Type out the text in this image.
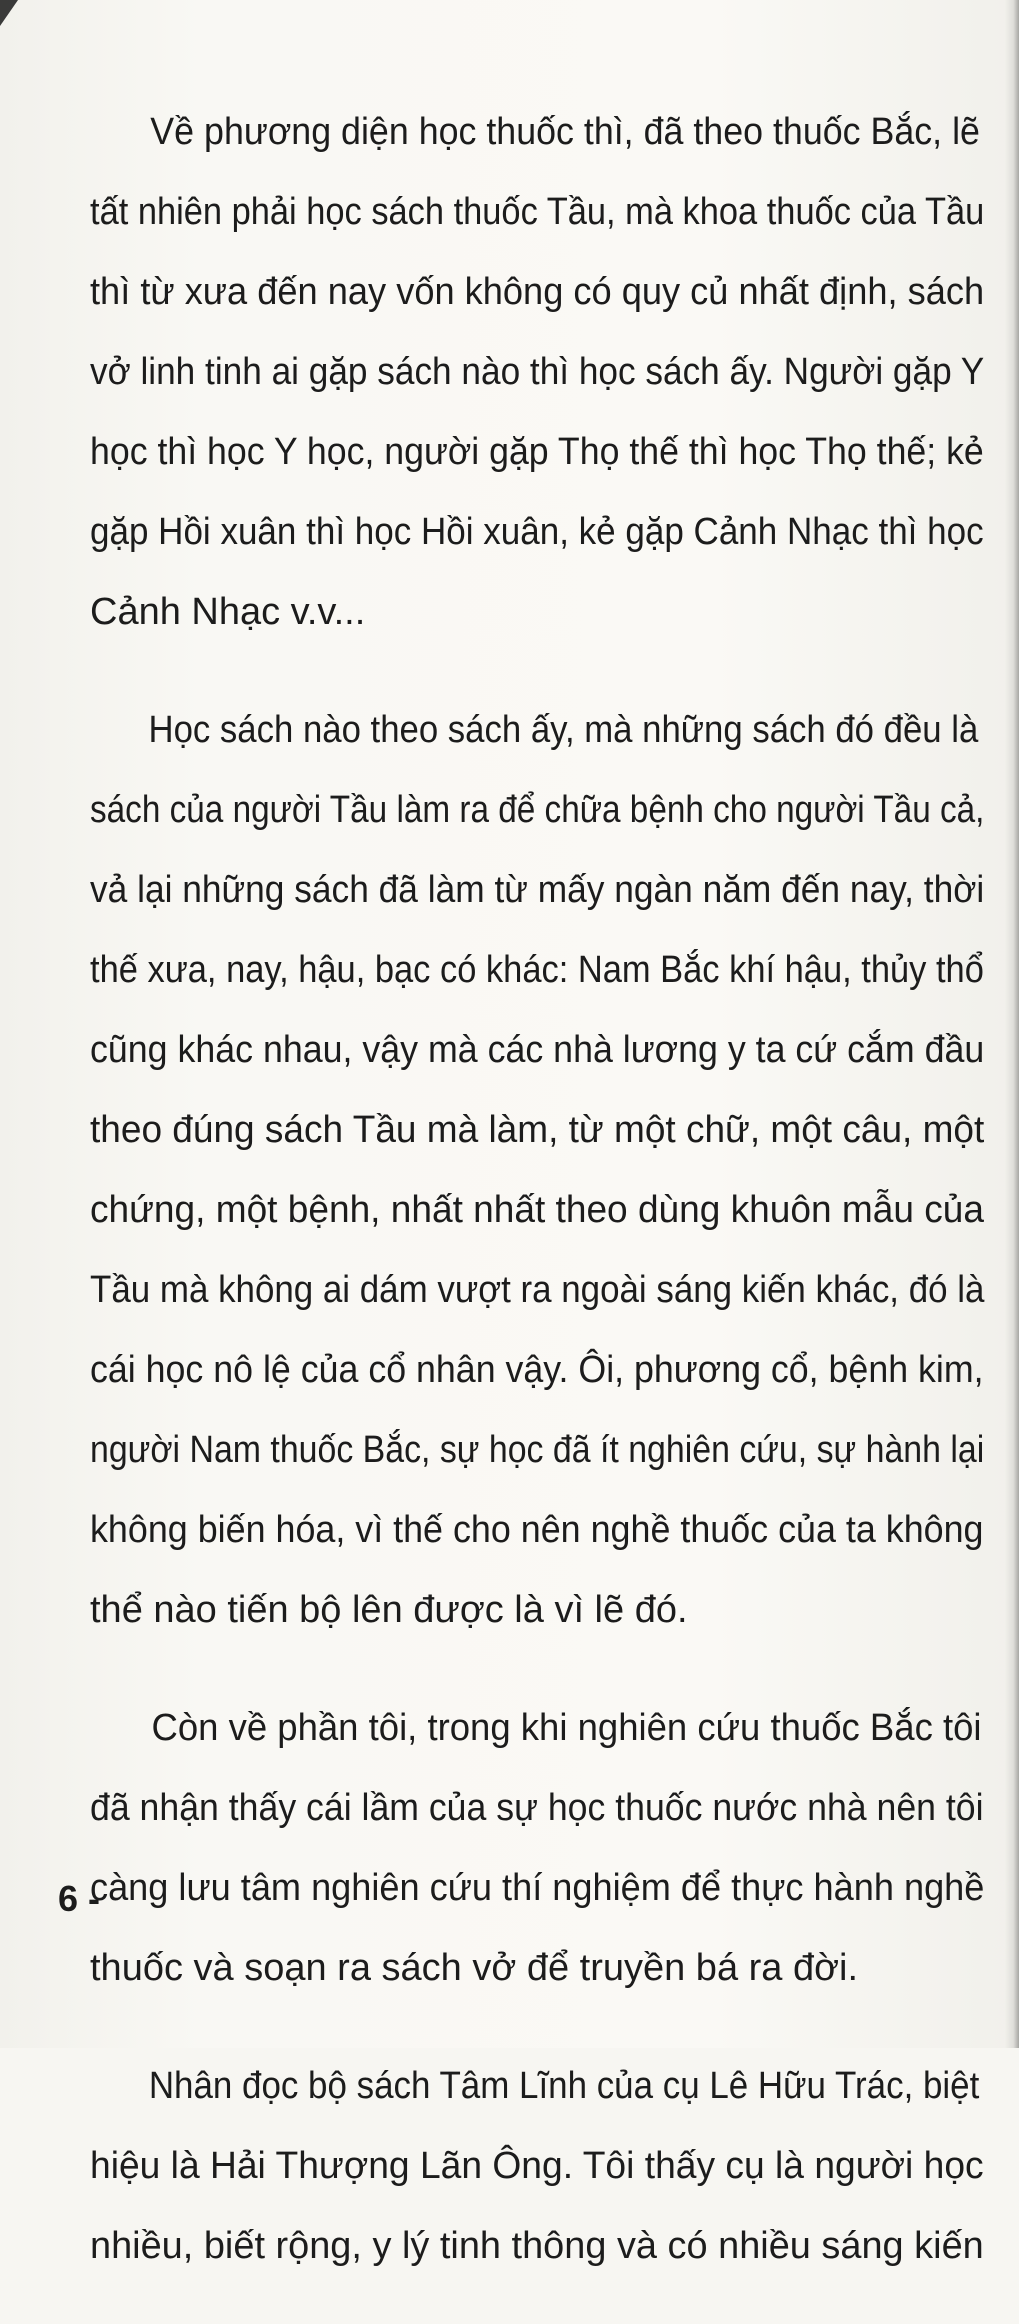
Về phương diện học thuốc thì, đã theo thuốc Bắc, lẽ
tất nhiên phải học sách thuốc Tầu, mà khoa thuốc của Tầu
thì từ xưa đến nay vốn không có quy củ nhất định, sách
vở linh tinh ai gặp sách nào thì học sách ấy. Người gặp Y
học thì học Y học, người gặp Thọ thế thì học Thọ thế; kẻ
gặp Hồi xuân thì học Hồi xuân, kẻ gặp Cảnh Nhạc thì học
Cảnh Nhạc v.v...

Học sách nào theo sách ấy, mà những sách đó đều là
sách của người Tầu làm ra để chữa bệnh cho người Tầu cả,
vả lại những sách đã làm từ mấy ngàn năm đến nay, thời
thế xưa, nay, hậu, bạc có khác: Nam Bắc khí hậu, thủy thổ
cũng khác nhau, vậy mà các nhà lương y ta cứ cắm đầu
theo đúng sách Tầu mà làm, từ một chữ, một câu, một
chứng, một bệnh, nhất nhất theo dùng khuôn mẫu của
Tầu mà không ai dám vượt ra ngoài sáng kiến khác, đó là
cái học nô lệ của cổ nhân vậy. Ôi, phương cổ, bệnh kim,
người Nam thuốc Bắc, sự học đã ít nghiên cứu, sự hành lại
không biến hóa, vì thế cho nên nghề thuốc của ta không
thể nào tiến bộ lên được là vì lẽ đó.

Còn về phần tôi, trong khi nghiên cứu thuốc Bắc tôi
đã nhận thấy cái lầm của sự học thuốc nước nhà nên tôi
càng lưu tâm nghiên cứu thí nghiệm để thực hành nghề
thuốc và soạn ra sách vở để truyền bá ra đời.

Nhân đọc bộ sách Tâm Lĩnh của cụ Lê Hữu Trác, biệt
hiệu là Hải Thượng Lãn Ông. Tôi thấy cụ là người học
nhiều, biết rộng, y lý tinh thông và có nhiều sáng kiến

6 -
